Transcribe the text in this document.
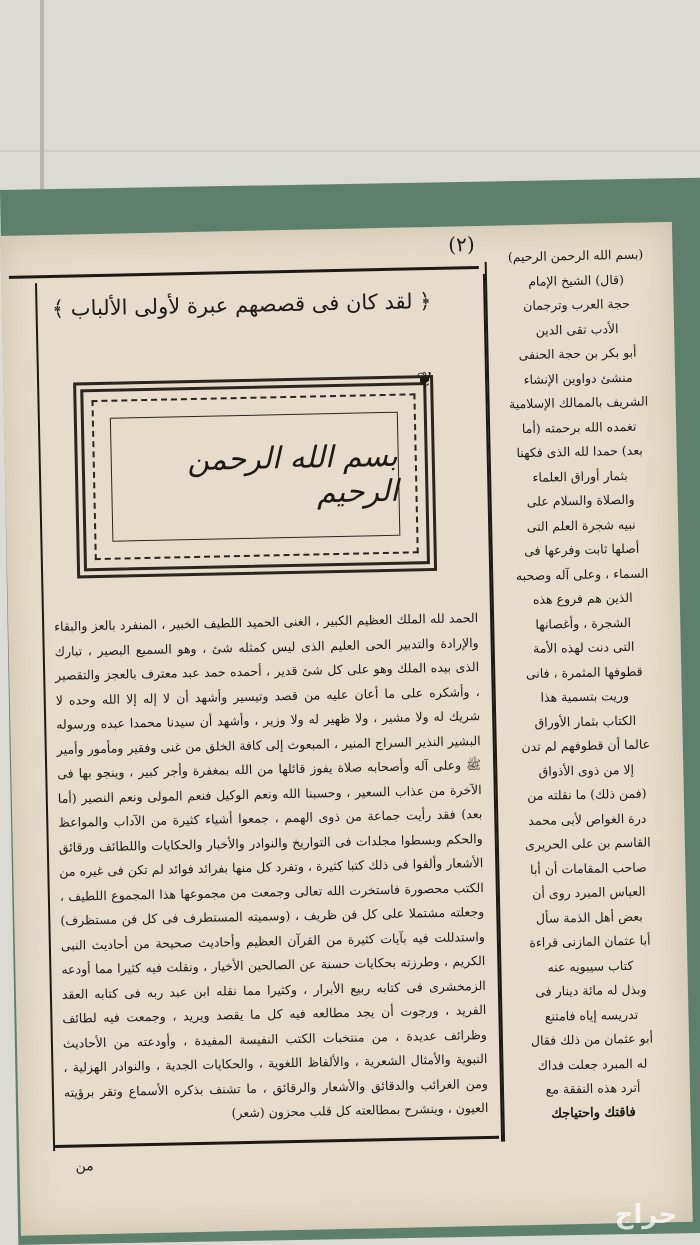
(٢)
﴿ لقد كان فى قصصهم عبرة لأولى الألباب ﴾
❦
بسم الله الرحمن الرحيم
الحمد لله الملك العظيم الكبير ، الغنى الحميد اللطيف الخبير ، المنفرد بالعز والبقاء والإرادة والتدبير الحى العليم الذى ليس كمثله شئ ، وهو السميع البصير ، تبارك الذى بيده الملك وهو على كل شئ قدير ، أحمده حمد عبد معترف بالعجز والتقصير ، وأشكره على ما أعان عليه من قصد وتيسير وأشهد أن لا إله إلا الله وحده لا شريك له ولا مشير ، ولا ظهير له ولا وزير ، وأشهد أن سيدنا محمدا عبده ورسوله البشير النذير السراج المنير ، المبعوث إلى كافة الخلق من غنى وفقير ومأمور وأمير ﷺ وعلى آله وأصحابه صلاة يفوز قائلها من الله بمغفرة وأجر كبير ، وينجو بها فى الآخرة من عذاب السعير ، وحسبنا الله ونعم الوكيل فنعم المولى ونعم النصير (أما بعد) فقد رأيت جماعة من ذوى الهمم ، جمعوا أشياء كثيرة من الآداب والمواعظ والحكم وبسطوا مجلدات فى التواريخ والنوادر والأخبار والحكايات واللطائف ورقائق الأشعار وألفوا فى ذلك كتبا كثيرة ، وتفرد كل منها بفرائد فوائد لم تكن فى غيره من الكتب محصورة فاستخرت الله تعالى وجمعت من مجموعها هذا المجموع اللطيف ، وجعلته مشتملا على كل فن ظريف ، (وسميته المستطرف فى كل فن مستظرف) واستدللت فيه بآيات كثيرة من القرآن العظيم وأحاديث صحيحة من أحاديث النبى الكريم ، وطرزته بحكايات حسنة عن الصالحين الأخيار ، ونقلت فيه كثيرا مما أودعه الزمخشرى فى كتابه ربيع الأبرار ، وكثيرا مما نقله ابن عبد ربه فى كتابه العقد الفريد ، ورجوت أن يجد مطالعه فيه كل ما يقصد ويريد ، وجمعت فيه لطائف وظرائف عديدة ، من منتخبات الكتب النفيسة المفيدة ، وأودعته من الأحاديث النبوية والأمثال الشعرية ، والألفاظ اللغوية ، والحكايات الجدية ، والنوادر الهزلية ، ومن الغرائب والدقائق والأشعار والرقائق ، ما تشنف بذكره الأسماع وتقر برؤيته العيون ، وينشرح بمطالعته كل قلب محزون (شعر)
من
(بسم الله الرحمن الرحيم)
(قال) الشيخ الإمام
حجة العرب وترجمان
الأدب تقى الدين
أبو بكر بن حجة الحنفى
منشئ دواوين الإنشاء
الشريف بالممالك الإسلامية
تغمده الله برحمته (أما
بعد) حمدا لله الذى فكهنا
بثمار أوراق العلماء
والصلاة والسلام على
نبيه شجرة العلم التى
أصلها ثابت وفرعها فى
السماء ، وعلى آله وصحبه
الذين هم فروع هذه
الشجرة ، وأغصانها
التى دنت لهذه الأمة
قطوفها المثمرة ، فانى
وريت بتسمية هذا
الكتاب بثمار الأوراق
عالما أن قطوفهم لم تدن
إلا من ذوى الأذواق
(فمن ذلك) ما نقلته من
درة الغواص لأبى محمد
القاسم بن على الحريرى
صاحب المقامات أن أبا
العباس المبرد روى أن
بعض أهل الذمة سأل
أبا عثمان المازنى قراءة
كتاب سيبويه عنه
وبذل له مائة دينار فى
تدريسه إياه فامتنع
أبو عثمان من ذلك فقال
له المبرد جعلت فداك
أترد هذه النفقة مع
فاقتك واحتياجك
حراج
